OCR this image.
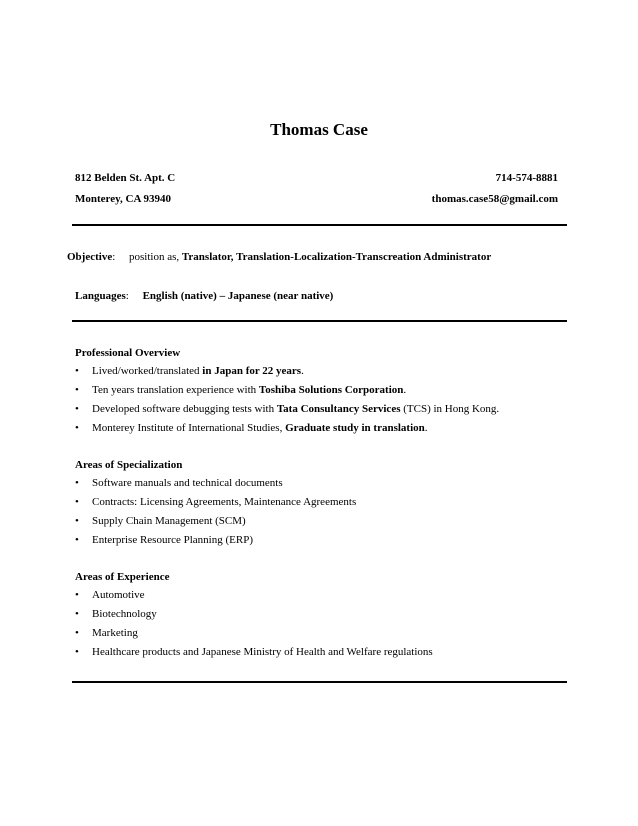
Thomas Case
812 Belden St. Apt. C	714-574-8881
Monterey, CA 93940	thomas.case58@gmail.com
Objective:     position as, Translator, Translation-Localization-Transcreation Administrator
Languages:     English (native) – Japanese (near native)
Professional Overview
• Lived/worked/translated in Japan for 22 years.
• Ten years translation experience with Toshiba Solutions Corporation.
• Developed software debugging tests with Tata Consultancy Services (TCS) in Hong Kong.
• Monterey Institute of International Studies, Graduate study in translation.
Areas of Specialization
• Software manuals and technical documents
• Contracts: Licensing Agreements, Maintenance Agreements
• Supply Chain Management (SCM)
• Enterprise Resource Planning (ERP)
Areas of Experience
• Automotive
• Biotechnology
• Marketing
• Healthcare products and Japanese Ministry of Health and Welfare regulations
